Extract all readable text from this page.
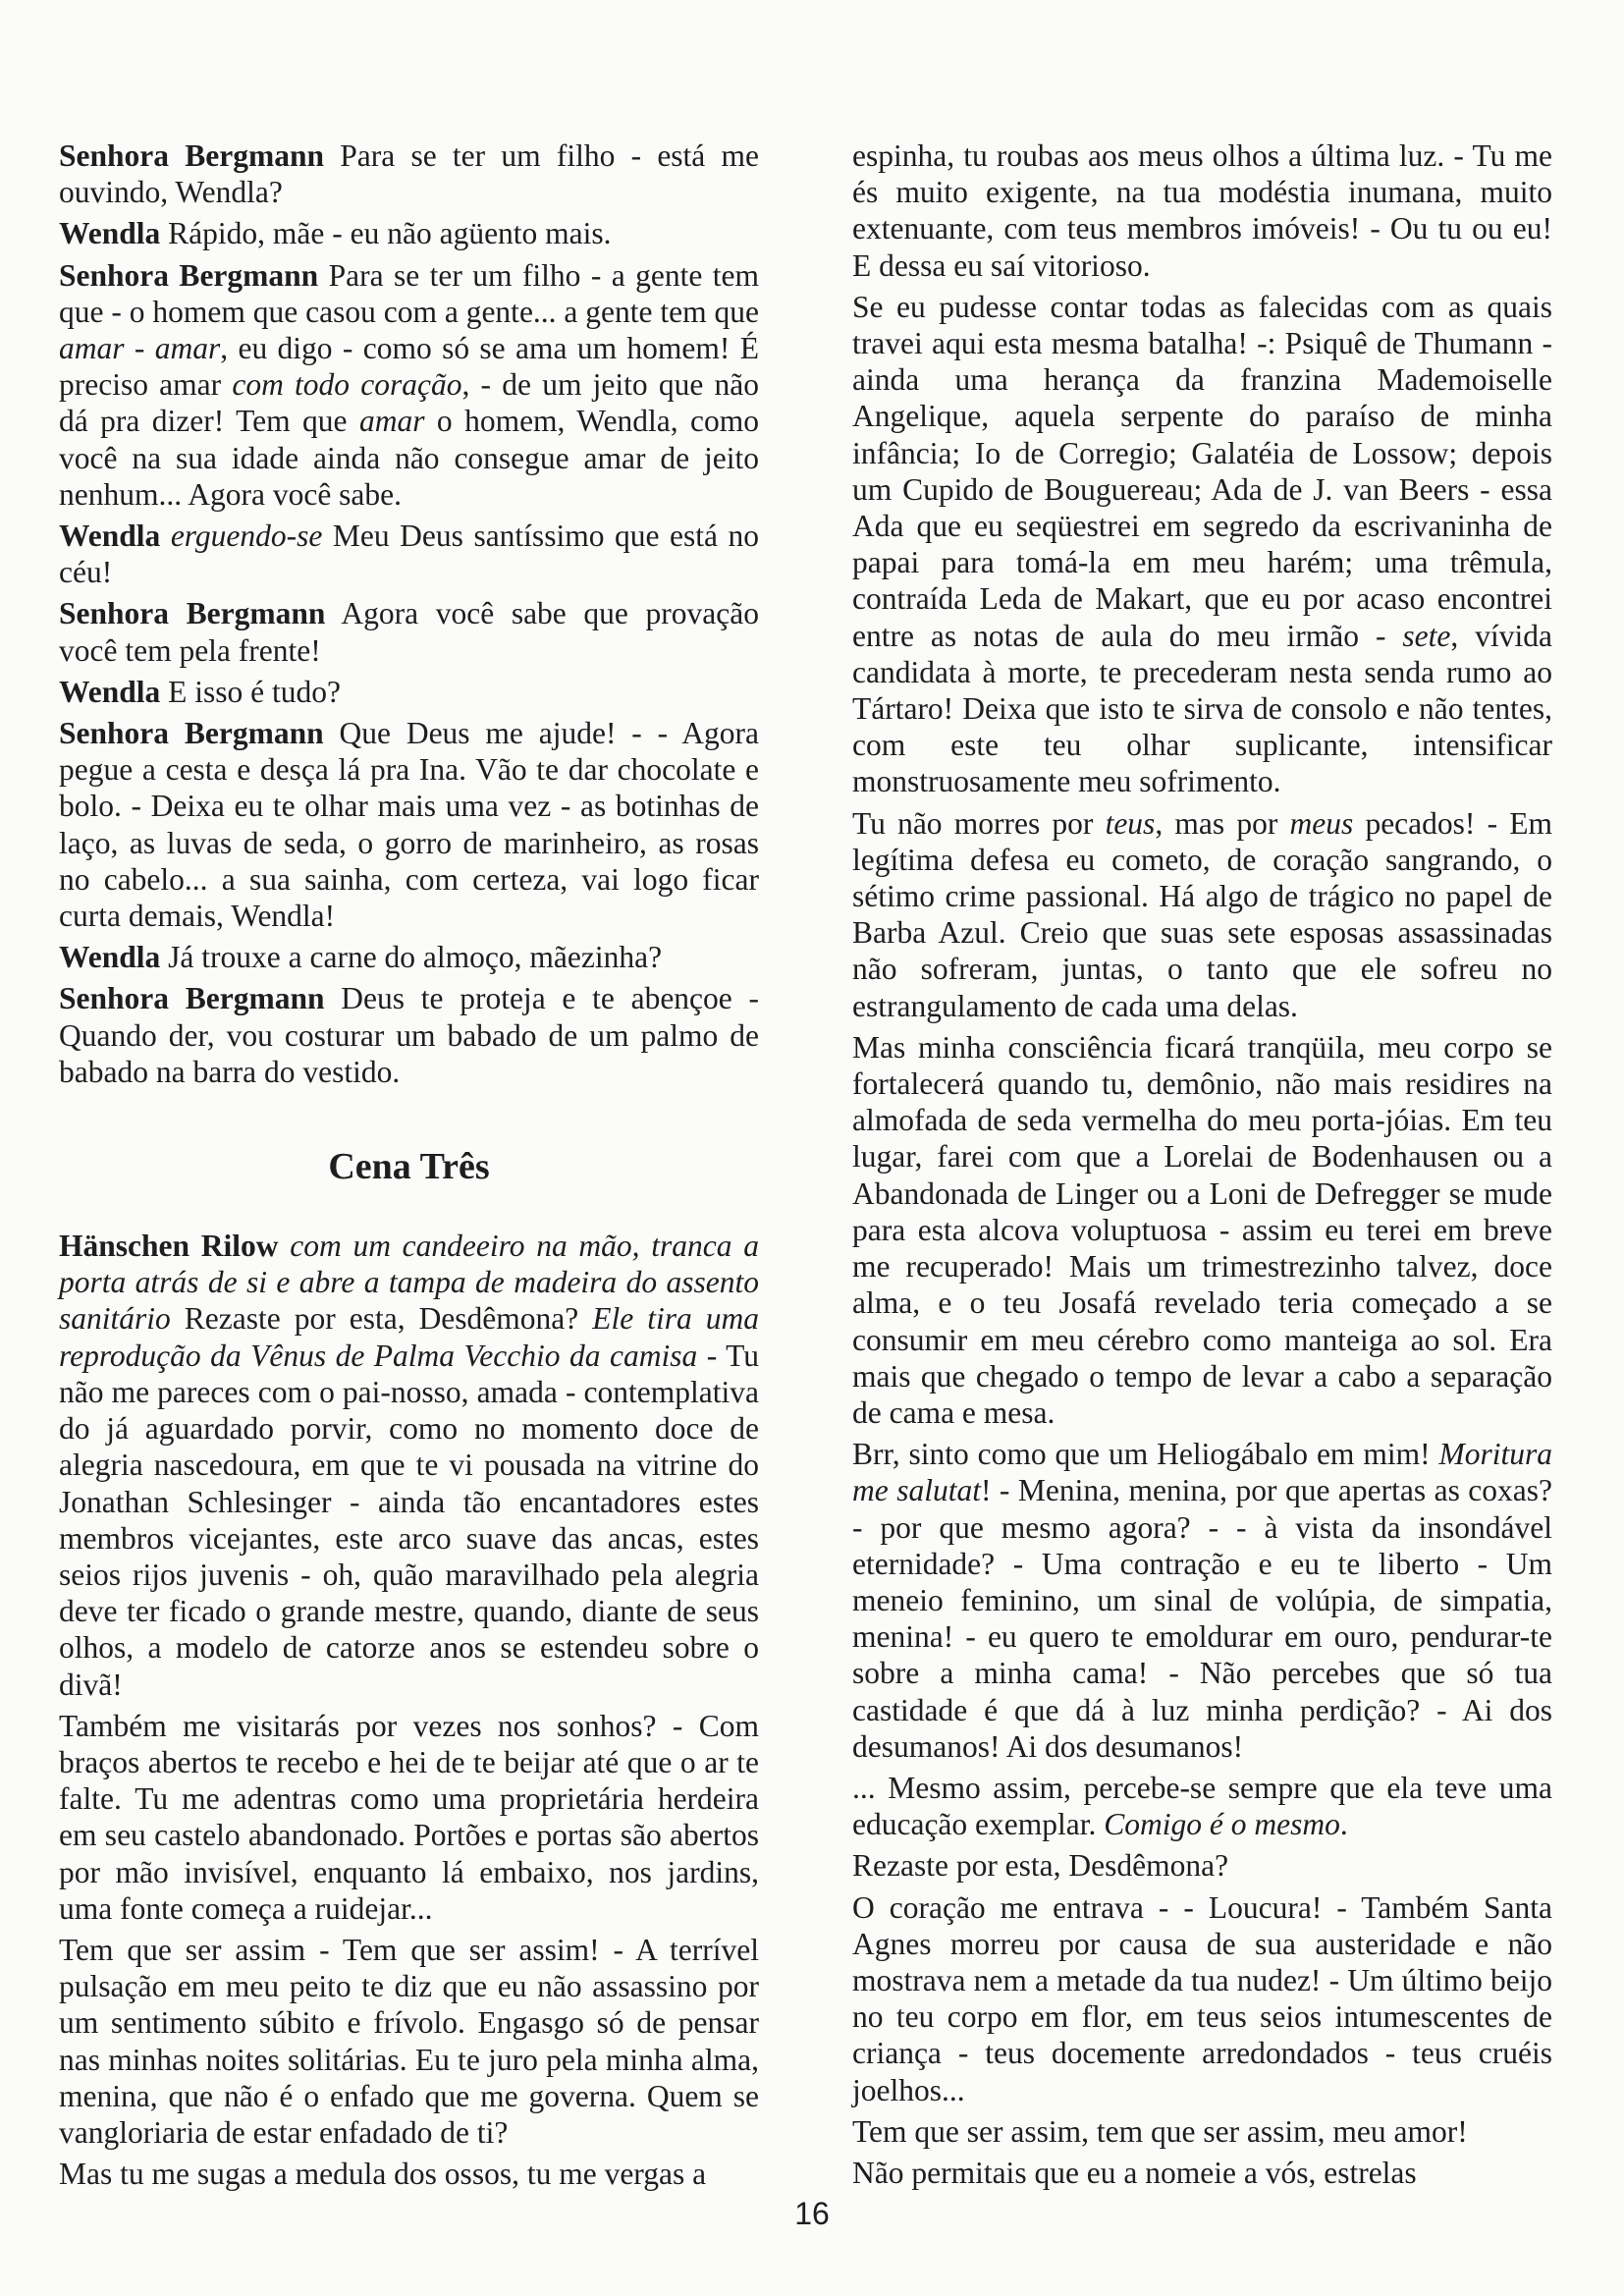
Senhora Bergmann Para se ter um filho - está me ouvindo, Wendla?

Wendla Rápido, mãe - eu não agüento mais.

Senhora Bergmann Para se ter um filho - a gente tem que - o homem que casou com a gente... a gente tem que amar - amar, eu digo - como só se ama um homem! É preciso amar com todo coração, - de um jeito que não dá pra dizer! Tem que amar o homem, Wendla, como você na sua idade ainda não consegue amar de jeito nenhum... Agora você sabe.

Wendla erguendo-se Meu Deus santíssimo que está no céu!

Senhora Bergmann Agora você sabe que provação você tem pela frente!

Wendla E isso é tudo?

Senhora Bergmann Que Deus me ajude! - - Agora pegue a cesta e desça lá pra Ina. Vão te dar chocolate e bolo. - Deixa eu te olhar mais uma vez - as botinhas de laço, as luvas de seda, o gorro de marinheiro, as rosas no cabelo... a sua sainha, com certeza, vai logo ficar curta demais, Wendla!

Wendla Já trouxe a carne do almoço, mãezinha?

Senhora Bergmann Deus te proteja e te abençoe - Quando der, vou costurar um babado de um palmo de babado na barra do vestido.

Cena Três

Hänschen Rilow com um candeeiro na mão, tranca a porta atrás de si e abre a tampa de madeira do assento sanitário Rezaste por esta, Desdêmona? Ele tira uma reprodução da Vênus de Palma Vecchio da camisa - Tu não me pareces com o pai-nosso, amada - contemplativa do já aguardado porvir, como no momento doce de alegria nascedoura, em que te vi pousada na vitrine do Jonathan Schlesinger - ainda tão encantadores estes membros vicejantes, este arco suave das ancas, estes seios rijos juvenis - oh, quão maravilhado pela alegria deve ter ficado o grande mestre, quando, diante de seus olhos, a modelo de catorze anos se estendeu sobre o divã!

Também me visitarás por vezes nos sonhos? - Com braços abertos te recebo e hei de te beijar até que o ar te falte. Tu me adentras como uma proprietária herdeira em seu castelo abandonado. Portões e portas são abertos por mão invisível, enquanto lá embaixo, nos jardins, uma fonte começa a ruidejar...

Tem que ser assim - Tem que ser assim! - A terrível pulsação em meu peito te diz que eu não assassino por um sentimento súbito e frívolo. Engasgo só de pensar nas minhas noites solitárias. Eu te juro pela minha alma, menina, que não é o enfado que me governa. Quem se vangloriaria de estar enfadado de ti?

Mas tu me sugas a medula dos ossos, tu me vergas a

espinha, tu roubas aos meus olhos a última luz. - Tu me és muito exigente, na tua modéstia inumana, muito extenuante, com teus membros imóveis! - Ou tu ou eu! E dessa eu saí vitorioso.

Se eu pudesse contar todas as falecidas com as quais travei aqui esta mesma batalha! -: Psiquê de Thumann - ainda uma herança da franzina Mademoiselle Angelique, aquela serpente do paraíso de minha infância; Io de Corregio; Galatéia de Lossow; depois um Cupido de Bouguereau; Ada de J. van Beers - essa Ada que eu seqüestrei em segredo da escrivaninha de papai para tomá-la em meu harém; uma trêmula, contraída Leda de Makart, que eu por acaso encontrei entre as notas de aula do meu irmão - sete, vívida candidata à morte, te precederam nesta senda rumo ao Tártaro! Deixa que isto te sirva de consolo e não tentes, com este teu olhar suplicante, intensificar monstruosamente meu sofrimento.

Tu não morres por teus, mas por meus pecados! - Em legítima defesa eu cometo, de coração sangrando, o sétimo crime passional. Há algo de trágico no papel de Barba Azul. Creio que suas sete esposas assassinadas não sofreram, juntas, o tanto que ele sofreu no estrangulamento de cada uma delas.

Mas minha consciência ficará tranqüila, meu corpo se fortalecerá quando tu, demônio, não mais residires na almofada de seda vermelha do meu porta-jóias. Em teu lugar, farei com que a Lorelai de Bodenhausen ou a Abandonada de Linger ou a Loni de Defregger se mude para esta alcova voluptuosa - assim eu terei em breve me recuperado! Mais um trimestrezinho talvez, doce alma, e o teu Josafá revelado teria começado a se consumir em meu cérebro como manteiga ao sol. Era mais que chegado o tempo de levar a cabo a separação de cama e mesa.

Brr, sinto como que um Heliogábalo em mim! Moritura me salutat! - Menina, menina, por que apertas as coxas? - por que mesmo agora? - - à vista da insondável eternidade? - Uma contração e eu te liberto - Um meneio feminino, um sinal de volúpia, de simpatia, menina! - eu quero te emoldurar em ouro, pendurar-te sobre a minha cama! - Não percebes que só tua castidade é que dá à luz minha perdição? - Ai dos desumanos! Ai dos desumanos!

... Mesmo assim, percebe-se sempre que ela teve uma educação exemplar. Comigo é o mesmo.

Rezaste por esta, Desdêmona?

O coração me entrava - - Loucura! - Também Santa Agnes morreu por causa de sua austeridade e não mostrava nem a metade da tua nudez! - Um último beijo no teu corpo em flor, em teus seios intumescentes de criança - teus docemente arredondados - teus cruéis joelhos...

Tem que ser assim, tem que ser assim, meu amor!

Não permitais que eu a nomeie a vós, estrelas

16
